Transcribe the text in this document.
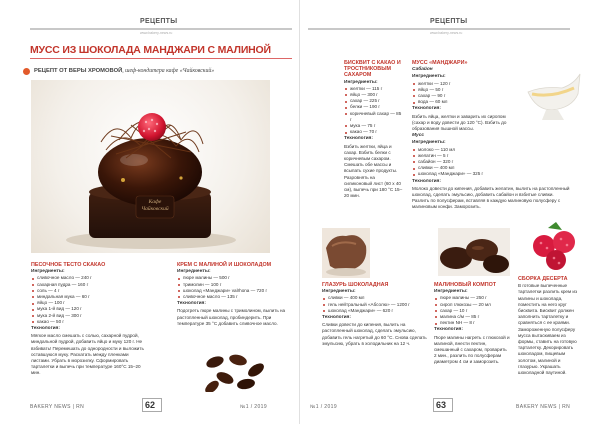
РЕЦЕПТЫ
www.bakery-news.ru
МУСС ИЗ ШОКОЛАДА МАНДЖАРИ С МАЛИНОЙ
РЕЦЕПТ ОТ ВЕРЫ ХРОМОВОЙ, шеф-кондитера кафе «Чайковский»
Кафе Чайковский
ПЕСОЧНОЕ ТЕСТО СКАКАО
Ингредиенты:
сливочное масло — 240 г
сахарная пудра — 160 г
соль — 4 г
миндальная мука — 60 г
яйцо — 100 г
мука 1-й вид — 120 г
мука 2-й вид — 300 г
какао — 50 г
Технология:
Мягкое масло смешать с солью, сахарной пудрой, миндальной пудрой, добавить яйцо и муку 120 г. Не взбивать! Перемешать до однородности и выложить оставшуюся муку. Раскатать между пленками листами. Убрать в морозилку. Сформировать тарталетки и выпечь при температуре 160°C 15–20 мин.
КРЕМ С МАЛИНОЙ И ШОКОЛАДОМ
Ингредиенты:
пюре малины — 500 г
тримолин — 100 г
шоколад «Манджари» valrhona — 720 г
сливочное масло — 135 г
Технология:
Подогреть пюре малины с тримолином, вылить на растопленный шоколад, пробиндерить. При температуре 35 °С добавить сливочное масло.
BAKERY NEWS | RN	62	№1 / 2019
РЕЦЕПТЫ
www.bakery-news.ru
БИСКВИТ С КАКАО И ТРОСТНИКОВЫМ САХАРОМ
Ингредиенты:
желтки — 115 г
яйцо — 300 г
сахар — 225 г
белки — 190 г
коричневый сахар — 85 г
мука — 75 г
какао — 70 г
Технология:
Взбить желтки, яйца и сахар. Взбить белки с коричневым сахаром. Смешать обе массы и всыпать сухие продукты. Разровнять на силиконовый лист (60 х 40 см), выпечь при 180 °С 15–20 мин.
МУСС «МАНДЖАРИ»
Сабайон
Ингредиенты:
желтки — 120 г
яйцо — 50 г
сахар — 90 г
вода — 60 мл
Технология:
Взбить яйца, желтки и заварить их сиропом (сахар и воду довести до 120 °С). Взбить до образования пышной массы.
Мусс
Ингредиенты:
молоко — 110 мл
желатин — 5 г
сабайон — 320 г
сливки — 400 мл
шоколад «Манджари» — 325 г
Технология:
Молоко довести до кипения, добавить желатин, вылить на растопленный шоколад, сделать эмульсию, добавить сабайон и взбитые сливки. Разлить по полусферам, вставляя в каждую малиновую полусферу с малиновым конфи. Заморозить.
ГЛАЗУРЬ ШОКОЛАДНАЯ
Ингредиенты:
сливки — 400 мл
гель нейтральный «Абсолю» — 1200 г
шоколад «Манджари» — 620 г
Технология:
Сливки довести до кипения, вылить на растопленный шоколад, сделать эмульсию, добавить гель нагретый до 60 °С. Снова сделать эмульсию, убрать в холодильник на 12 ч.
МАЛИНОВЫЙ КОМПОТ
Ингредиенты:
пюре малины — 250 г
сироп глюкозы — 20 мл
сахар — 10 г
малина с/м — 85 г
пектин NH — 8 г
Технология:
Пюре малины нагреть с глюкозой и малиной, внести пектин, смешанный с сахаром, проварить 2 мин., разлить по полусферам диаметром 4 см и заморозить.
СБОРКА ДЕСЕРТА
В готовые выпеченные тарталетки разлить крем из малины и шоколада, поместить на него круг бисквита. Бисквит должен заполнить тарталетку и сравняться с ее краями. Замороженную полусферу мусса вытаскиваем из формы, ставить на готовую тарталетку. Декорировать шоколадом, пищевым золотом, малиной и глазурью. Украшать шоколадной паутиной.
№1 / 2019	63	BAKERY NEWS | RN
